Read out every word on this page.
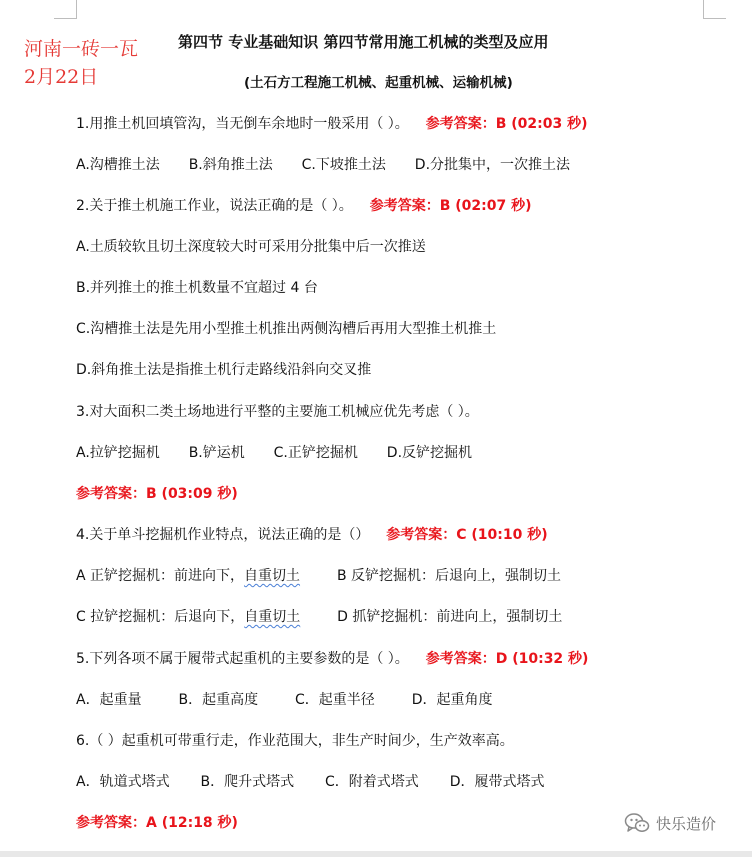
河南一砖一瓦
2月22日
第四节 专业基础知识 第四节常用施工机械的类型及应用
(土石方工程施工机械、起重机械、运输机械)
1.用推土机回填管沟，当无倒车余地时一般采用（ ）。 参考答案：B (02:03 秒)
A.沟槽推土法 B.斜角推土法 C.下坡推土法 D.分批集中，一次推土法
2.关于推土机施工作业，说法正确的是（ ）。 参考答案：B (02:07 秒)
A.土质较软且切土深度较大时可采用分批集中后一次推送
B.并列推土的推土机数量不宜超过 4 台
C.沟槽推土法是先用小型推土机推出两侧沟槽后再用大型推土机推土
D.斜角推土法是指推土机行走路线沿斜向交叉推
3.对大面积二类土场地进行平整的主要施工机械应优先考虑（ ）。
A.拉铲挖掘机 B.铲运机 C.正铲挖掘机 D.反铲挖掘机
参考答案：B (03:09 秒)
4.关于单斗挖掘机作业特点，说法正确的是（） 参考答案：C (10:10 秒)
A 正铲挖掘机：前进向下，自重切土	B 反铲挖掘机：后退向上，强制切土
C 拉铲挖掘机：后退向下，自重切土	D 抓铲挖掘机：前进向上，强制切土
5.下列各项不属于履带式起重机的主要参数的是（ ）。 参考答案：D (10:32 秒)
A．起重量	B．起重高度	C．起重半径	D．起重角度
6.（ ）起重机可带重行走，作业范围大，非生产时间少，生产效率高。
A．轨道式塔式 B．爬升式塔式 C．附着式塔式 D．履带式塔式
参考答案：A (12:18 秒)	快乐造价
